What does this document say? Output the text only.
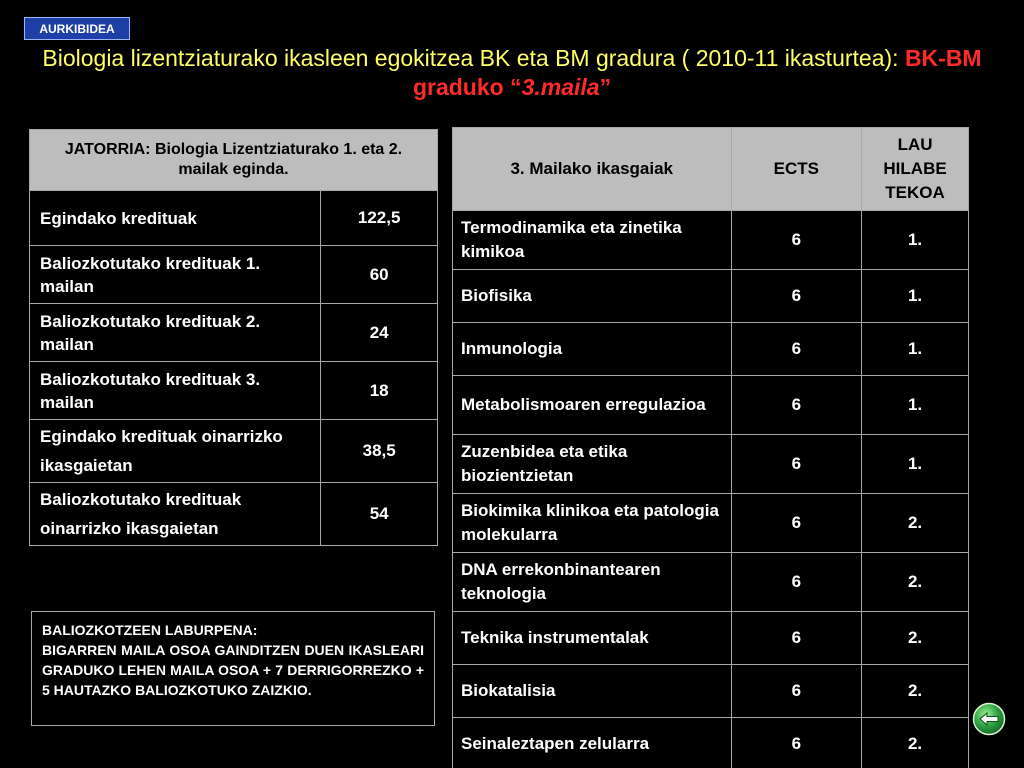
AURKIBIDEA
Biologia lizentziaturako ikasleen egokitzea BK eta BM gradura ( 2010-11 ikasturtea): BK-BM graduko “3.maila”
JATORRIA: Biologia Lizentziaturako 1. eta 2. mailak eginda.	
Egindako kredituak	122,5
Baliozkotutako kredituak 1. mailan	60
Baliozkotutako kredituak 2. mailan	24
Baliozkotutako kredituak 3. mailan	18
Egindako kredituak oinarrizko ikasgaietan	38,5
Baliozkotutako kredituak oinarrizko ikasgaietan	54
3. Mailako ikasgaiak	ECTS	LAU HILABE TEKOA
Termodinamika eta zinetika kimikoa	6	1.
Biofisika	6	1.
Inmunologia	6	1.
Metabolismoaren erregulazioa	6	1.
Zuzenbidea eta etika biozientzietan	6	1.
Biokimika klinikoa eta patologia molekularra	6	2.
DNA errekonbinantearen teknologia	6	2.
Teknika instrumentalak	6	2.
Biokatalisia	6	2.
Seinaleztapen zelularra	6	2.
BALIOZKOTZEEN LABURPENA:
BIGARREN MAILA OSOA GAINDITZEN DUEN IKASLEARI GRADUKO LEHEN MAILA OSOA + 7 DERRIGORREZKO + 5 HAUTAZKO BALIOZKOTUKO ZAIZKIO.
